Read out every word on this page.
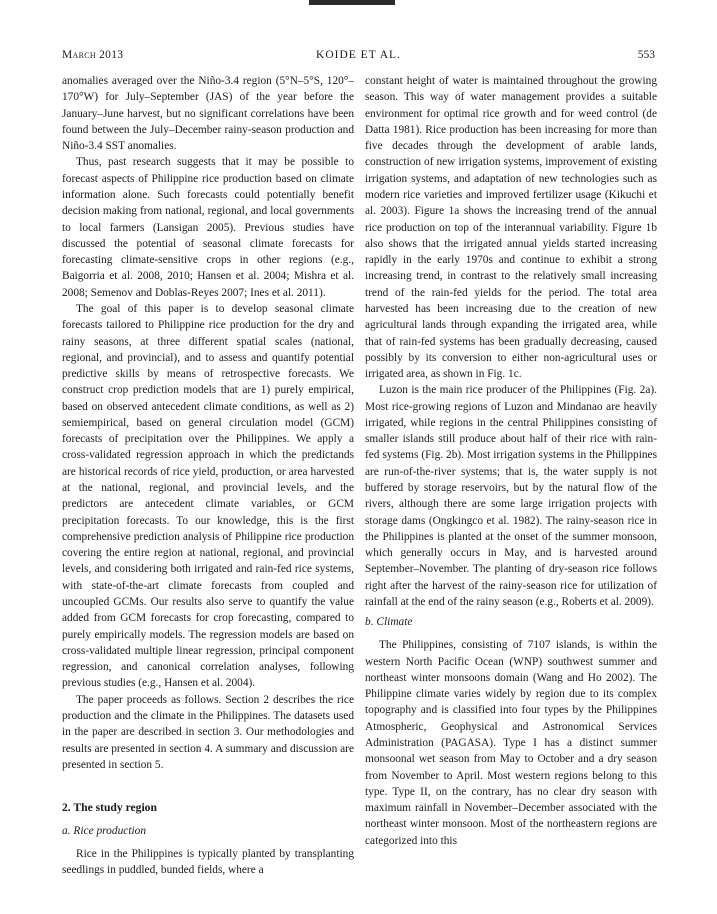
March 2013	KOIDE ET AL.	553

anomalies averaged over the Niño-3.4 region (5°N–5°S, 120°–170°W) for July–September (JAS) of the year before the January–June harvest, but no significant correlations have been found between the July–December rainy-season production and Niño-3.4 SST anomalies.

Thus, past research suggests that it may be possible to forecast aspects of Philippine rice production based on climate information alone. Such forecasts could potentially benefit decision making from national, regional, and local governments to local farmers (Lansigan 2005). Previous studies have discussed the potential of seasonal climate forecasts for forecasting climate-sensitive crops in other regions (e.g., Baigorria et al. 2008, 2010; Hansen et al. 2004; Mishra et al. 2008; Semenov and Doblas-Reyes 2007; Ines et al. 2011).

The goal of this paper is to develop seasonal climate forecasts tailored to Philippine rice production for the dry and rainy seasons, at three different spatial scales (national, regional, and provincial), and to assess and quantify potential predictive skills by means of retrospective forecasts. We construct crop prediction models that are 1) purely empirical, based on observed antecedent climate conditions, as well as 2) semiempirical, based on general circulation model (GCM) forecasts of precipitation over the Philippines. We apply a cross-validated regression approach in which the predictands are historical records of rice yield, production, or area harvested at the national, regional, and provincial levels, and the predictors are antecedent climate variables, or GCM precipitation forecasts. To our knowledge, this is the first comprehensive prediction analysis of Philippine rice production covering the entire region at national, regional, and provincial levels, and considering both irrigated and rain-fed rice systems, with state-of-the-art climate forecasts from coupled and uncoupled GCMs. Our results also serve to quantify the value added from GCM forecasts for crop forecasting, compared to purely empirically models. The regression models are based on cross-validated multiple linear regression, principal component regression, and canonical correlation analyses, following previous studies (e.g., Hansen et al. 2004).

The paper proceeds as follows. Section 2 describes the rice production and the climate in the Philippines. The datasets used in the paper are described in section 3. Our methodologies and results are presented in section 4. A summary and discussion are presented in section 5.

2. The study region
a. Rice production

Rice in the Philippines is typically planted by transplanting seedlings in puddled, bunded fields, where a

constant height of water is maintained throughout the growing season. This way of water management provides a suitable environment for optimal rice growth and for weed control (de Datta 1981). Rice production has been increasing for more than five decades through the development of arable lands, construction of new irrigation systems, improvement of existing irrigation systems, and adaptation of new technologies such as modern rice varieties and improved fertilizer usage (Kikuchi et al. 2003). Figure 1a shows the increasing trend of the annual rice production on top of the interannual variability. Figure 1b also shows that the irrigated annual yields started increasing rapidly in the early 1970s and continue to exhibit a strong increasing trend, in contrast to the relatively small increasing trend of the rain-fed yields for the period. The total area harvested has been increasing due to the creation of new agricultural lands through expanding the irrigated area, while that of rain-fed systems has been gradually decreasing, caused possibly by its conversion to either non-agricultural uses or irrigated area, as shown in Fig. 1c.

Luzon is the main rice producer of the Philippines (Fig. 2a). Most rice-growing regions of Luzon and Mindanao are heavily irrigated, while regions in the central Philippines consisting of smaller islands still produce about half of their rice with rain-fed systems (Fig. 2b). Most irrigation systems in the Philippines are run-of-the-river systems; that is, the water supply is not buffered by storage reservoirs, but by the natural flow of the rivers, although there are some large irrigation projects with storage dams (Ongkingco et al. 1982). The rainy-season rice in the Philippines is planted at the onset of the summer monsoon, which generally occurs in May, and is harvested around September–November. The planting of dry-season rice follows right after the harvest of the rainy-season rice for utilization of rainfall at the end of the rainy season (e.g., Roberts et al. 2009).

b. Climate

The Philippines, consisting of 7107 islands, is within the western North Pacific Ocean (WNP) southwest summer and northeast winter monsoons domain (Wang and Ho 2002). The Philippine climate varies widely by region due to its complex topography and is classified into four types by the Philippines Atmospheric, Geophysical and Astronomical Services Administration (PAGASA). Type I has a distinct summer monsoonal wet season from May to October and a dry season from November to April. Most western regions belong to this type. Type II, on the contrary, has no clear dry season with maximum rainfall in November–December associated with the northeast winter monsoon. Most of the northeastern regions are categorized into this
